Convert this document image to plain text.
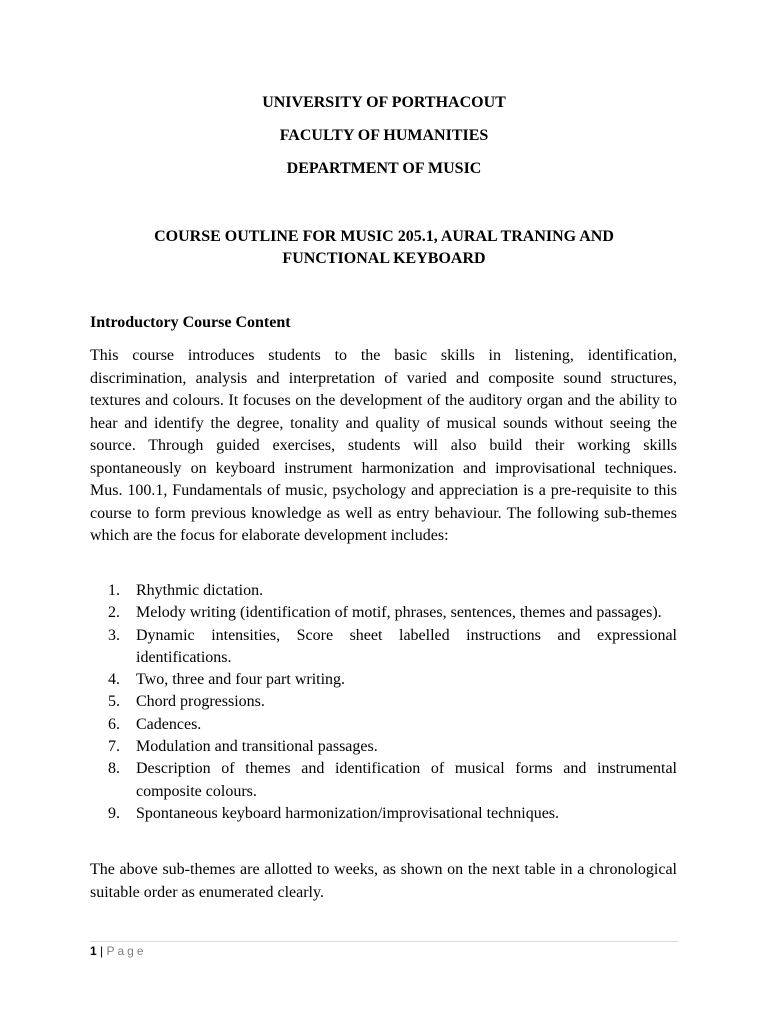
UNIVERSITY OF PORTHACOUT
FACULTY OF HUMANITIES
DEPARTMENT OF MUSIC
COURSE OUTLINE FOR MUSIC 205.1, AURAL TRANING AND
FUNCTIONAL KEYBOARD
Introductory Course Content

This course introduces students to the basic skills in listening, identification, discrimination, analysis and interpretation of varied and composite sound structures, textures and colours. It focuses on the development of the auditory organ and the ability to hear and identify the degree, tonality and quality of musical sounds without seeing the source. Through guided exercises, students will also build their working skills spontaneously on keyboard instrument harmonization and improvisational techniques. Mus. 100.1, Fundamentals of music, psychology and appreciation is a pre-requisite to this course to form previous knowledge as well as entry behaviour. The following sub-themes which are the focus for elaborate development includes:

1. Rhythmic dictation.
2. Melody writing (identification of motif, phrases, sentences, themes and passages).
3. Dynamic intensities, Score sheet labelled instructions and expressional identifications.
4. Two, three and four part writing.
5. Chord progressions.
6. Cadences.
7. Modulation and transitional passages.
8. Description of themes and identification of musical forms and instrumental composite colours.
9. Spontaneous keyboard harmonization/improvisational techniques.

The above sub-themes are allotted to weeks, as shown on the next table in a chronological suitable order as enumerated clearly.

1 | Page
